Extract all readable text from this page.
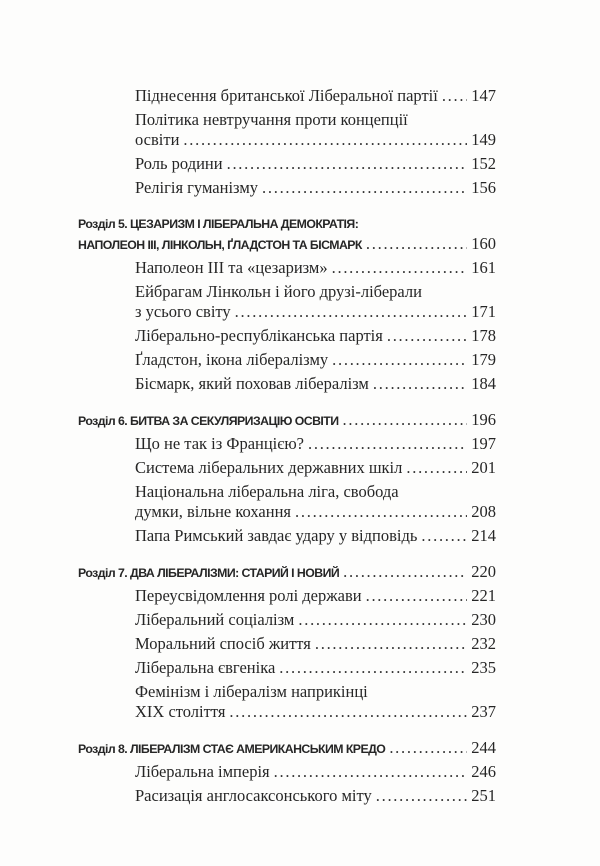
Піднесення британської Ліберальної партії . . . 147
Політика невтручання проти концепції
освіти . . .	149
Роль родини . . .	152
Релігія гуманізму . . .	156
Розділ 5. ЦЕЗАРИЗМ І ЛІБЕРАЛЬНА ДЕМОКРАТІЯ:
НАПОЛЕОН ІІІ, ЛІНКОЛЬН, ҐЛАДСТОН ТА БІСМАРК . . .	160
Наполеон ІІІ та «цезаризм» . . .	161
Ейбрагам Лінкольн і його друзі-ліберали
з усього світу . . .	171
Ліберально-республіканська партія . . .	178
Ґладстон, ікона лібералізму . . .	179
Бісмарк, який поховав лібералізм . . .	184
Розділ 6. БИТВА ЗА СЕКУЛЯРИЗАЦІЮ ОСВІТИ . . .	196
Що не так із Францією? . . .	197
Система ліберальних державних шкіл . . .	201
Національна ліберальна ліга, свобода
думки, вільне кохання . . .	208
Папа Римський завдає удару у відповідь . . .	214
Розділ 7. ДВА ЛІБЕРАЛІЗМИ: СТАРИЙ І НОВИЙ . . .	220
Переусвідомлення ролі держави . . .	221
Ліберальний соціалізм . . .	230
Моральний спосіб життя . . .	232
Ліберальна євгеніка . . .	235
Фемінізм і лібералізм наприкінці
XIX століття . . .	237
Розділ 8. ЛІБЕРАЛІЗМ СТАЄ АМЕРИКАНСЬКИМ КРЕДО . . .	244
Ліберальна імперія . . .	246
Расизація англосаксонського міту . . .	251
